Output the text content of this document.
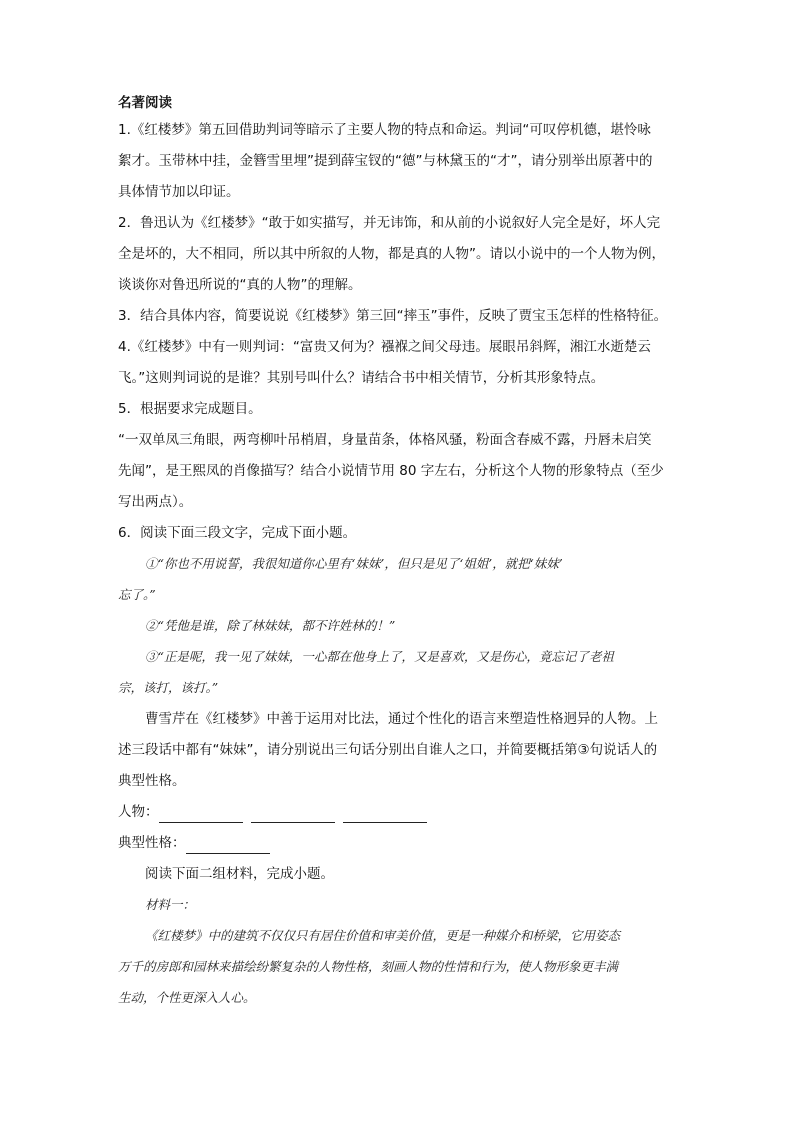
名著阅读
1.《红楼梦》第五回借助判词等暗示了主要人物的特点和命运。判词“可叹停机德，堪怜咏
絮才。玉带林中挂，金簪雪里埋”提到薛宝钗的“德”与林黛玉的“才”，请分别举出原著中的
具体情节加以印证。
2．鲁迅认为《红楼梦》“敢于如实描写，并无讳饰，和从前的小说叙好人完全是好，坏人完
全是坏的，大不相同，所以其中所叙的人物，都是真的人物”。请以小说中的一个人物为例，
谈谈你对鲁迅所说的“真的人物”的理解。
3．结合具体内容，简要说说《红楼梦》第三回“摔玉”事件，反映了贾宝玉怎样的性格特征。
4.《红楼梦》中有一则判词：“富贵又何为？襁褓之间父母违。展眼吊斜辉，湘江水逝楚云
飞。”这则判词说的是谁？其别号叫什么？请结合书中相关情节，分析其形象特点。
5．根据要求完成题目。
“一双单凤三角眼，两弯柳叶吊梢眉，身量苗条，体格风骚，粉面含春威不露，丹唇未启笑
先闻”，是王熙凤的肖像描写？结合小说情节用 80 字左右，分析这个人物的形象特点（至少
写出两点）。
6．阅读下面三段文字，完成下面小题。
①“你也不用说誓，我很知道你心里有‘妹妹’，但只是见了‘姐姐’，就把‘妹妹’
忘了。”
②“凭他是谁，除了林妹妹，都不许姓林的！”
③“正是呢，我一见了妹妹，一心都在他身上了，又是喜欢，又是伤心，竟忘记了老祖
宗，该打，该打。”
曹雪芹在《红楼梦》中善于运用对比法，通过个性化的语言来塑造性格迥异的人物。上
述三段话中都有“妹妹”，请分别说出三句话分别出自谁人之口，并简要概括第③句说话人的
典型性格。
人物：
典型性格：
阅读下面二组材料，完成小题。
材料一：
《红楼梦》中的建筑不仅仅只有居住价值和审美价值，更是一种媒介和桥梁，它用姿态
万千的房郎和园林来描绘纷繁复杂的人物性格，刻画人物的性情和行为，使人物形象更丰满
生动，个性更深入人心。
